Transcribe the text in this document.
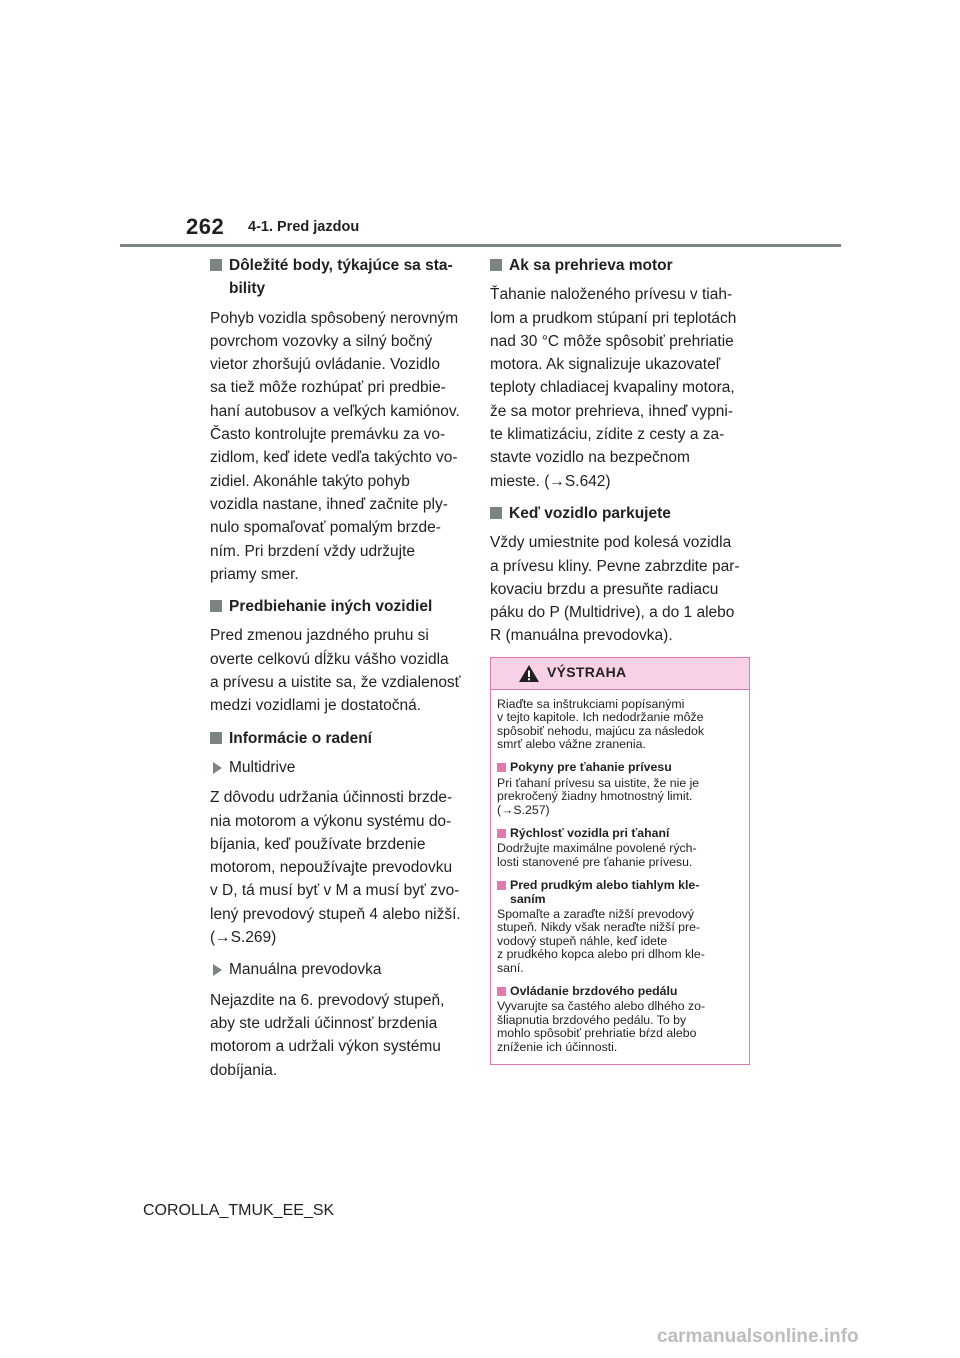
262 4-1. Pred jazdou
Dôležité body, týkajúce sa sta-
bility

Pohyb vozidla spôsobený nerovným
povrchom vozovky a silný bočný
vietor zhoršujú ovládanie. Vozidlo
sa tiež môže rozhúpať pri predbie-
haní autobusov a veľkých kamiónov.
Často kontrolujte premávku za vo-
zidlom, keď idete vedľa takýchto vo-
zidiel. Akonáhle takýto pohyb
vozidla nastane, ihneď začnite ply-
nulo spomaľovať pomalým brzde-
ním. Pri brzdení vždy udržujte
priamy smer.

Predbiehanie iných vozidiel

Pred zmenou jazdného pruhu si
overte celkovú dĺžku vášho vozidla
a prívesu a uistite sa, že vzdialenosť
medzi vozidlami je dostatočná.

Informácie o radení
Multidrive

Z dôvodu udržania účinnosti brzde-
nia motorom a výkonu systému do-
bíjania, keď používate brzdenie
motorom, nepoužívajte prevodovku
v D, tá musí byť v M a musí byť zvo-
lený prevodový stupeň 4 alebo nižší.
(→S.269)

Manuálna prevodovka

Nejazdite na 6. prevodový stupeň,
aby ste udržali účinnosť brzdenia
motorom a udržali výkon systému
dobíjania.

Ak sa prehrieva motor

Ťahanie naloženého prívesu v tiah-
lom a prudkom stúpaní pri teplotách
nad 30 °C môže spôsobiť prehriatie
motora. Ak signalizuje ukazovateľ
teploty chladiacej kvapaliny motora,
že sa motor prehrieva, ihneď vypni-
te klimatizáciu, zídite z cesty a za-
stavte vozidlo na bezpečnom
mieste. (→S.642)

Keď vozidlo parkujete

Vždy umiestnite pod kolesá vozidla
a prívesu kliny. Pevne zabrzdite par-
kovaciu brzdu a presuňte radiacu
páku do P (Multidrive), a do 1 alebo
R (manuálna prevodovka).

VÝSTRAHA

Riaďte sa inštrukciami popísanými
v tejto kapitole. Ich nedodržanie môže
spôsobiť nehodu, majúcu za následok
smrť alebo vážne zranenia.

Pokyny pre ťahanie prívesu

Pri ťahaní prívesu sa uistite, že nie je
prekročený žiadny hmotnostný limit.
(→S.257)

Rýchlosť vozidla pri ťahaní

Dodržujte maximálne povolené rých-
losti stanovené pre ťahanie prívesu.

Pred prudkým alebo tiahlym kle-
saním

Spomaľte a zaraďte nižší prevodový
stupeň. Nikdy však neraďte nižší pre-
vodový stupeň náhle, keď idete
z prudkého kopca alebo pri dlhom kle-
saní.

Ovládanie brzdového pedálu

Vyvarujte sa častého alebo dlhého zo-
šliapnutia brzdového pedálu. To by
mohlo spôsobiť prehriatie bŕzd alebo
zníženie ich účinnosti.

COROLLA_TMUK_EE_SK
carmanualsonline.info
